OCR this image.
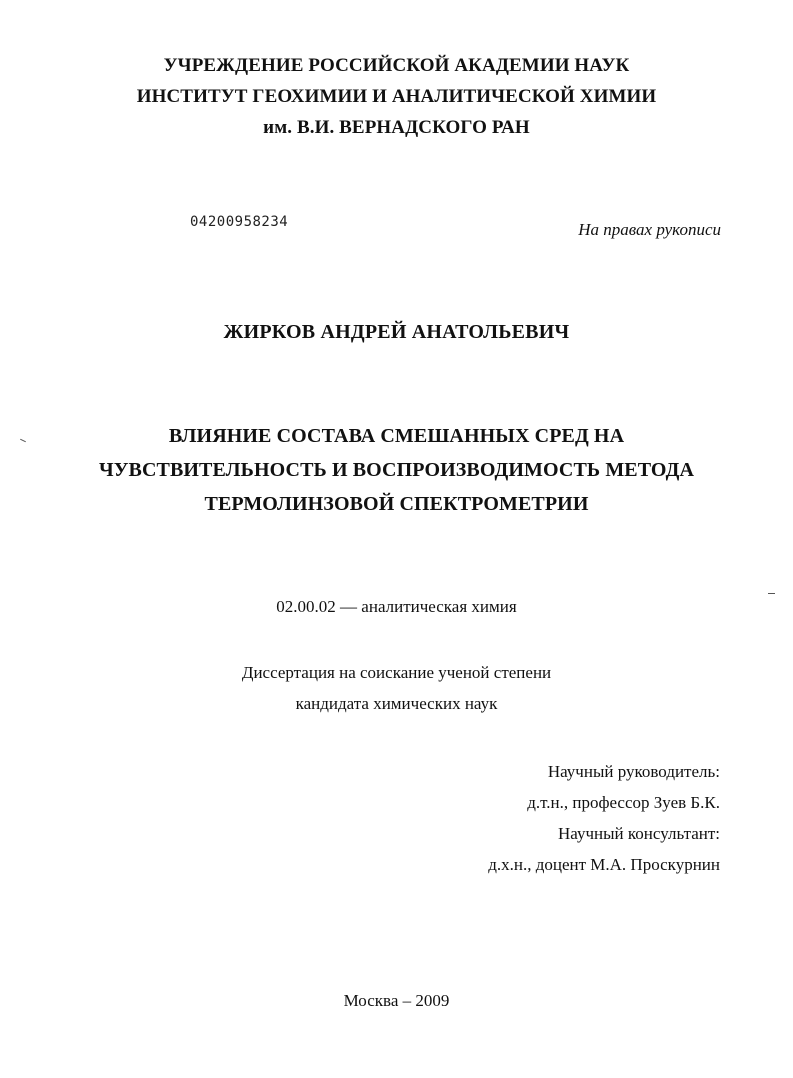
УЧРЕЖДЕНИЕ РОССИЙСКОЙ АКАДЕМИИ НАУК
ИНСТИТУТ ГЕОХИМИИ И АНАЛИТИЧЕСКОЙ ХИМИИ
им. В.И. ВЕРНАДСКОГО РАН
04200958234	На правах рукописи
ЖИРКОВ АНДРЕЙ АНАТОЛЬЕВИЧ
ВЛИЯНИЕ СОСТАВА СМЕШАННЫХ СРЕД НА
ЧУВСТВИТЕЛЬНОСТЬ И ВОСПРОИЗВОДИМОСТЬ МЕТОДА
ТЕРМОЛИНЗОВОЙ СПЕКТРОМЕТРИИ
02.00.02 — аналитическая химия
Диссертация на соискание ученой степени
кандидата химических наук
Научный руководитель:
д.т.н., профессор Зуев Б.К.
Научный консультант:
д.х.н., доцент М.А. Проскурнин
Москва – 2009
